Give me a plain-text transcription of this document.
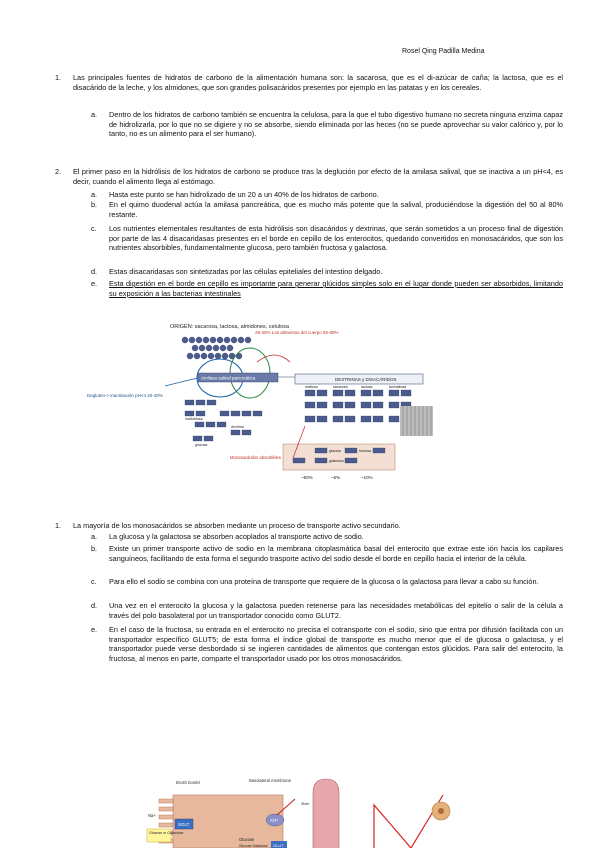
Rosel Qing Padilla Medina
1. Las principales fuentes de hidratos de carbono de la alimentación humana son: la sacarosa, que es el di-azúcar de caña; la lactosa, que es el disacárido de la leche, y los almidones, que son grandes polisacáridos presentes por ejemplo en las patatas y en los cereales.
a. Dentro de los hidratos de carbono también se encuentra la celulosa, para la que el tubo digestivo humano no secreta ninguna enzima capaz de hidrolizarla, por lo que no se digiere y no se absorbe, siendo eliminada por las heces (no se puede aprovechar su valor calórico y, por lo tanto, no es un alimento para el ser humano).
2. El primer paso en la hidrólisis de los hidratos de carbono se produce tras la deglución por efecto de la amilasa salival, que se inactiva a un pH<4, es decir, cuando el alimento llega al estómago.
a. Hasta este punto se han hidrolizado de un 20 a un 40% de los hidratos de carbono.
b. En el quimo duodenal actúa la amilasa pancreática, que es mucho más potente que la salival, produciéndose la digestión del 50 al 80% restante.
c. Los nutrientes elementales resultantes de esta hidrólisis son disacáridos y dextrinas, que serán sometidos a un proceso final de digestión por parte de las 4 disacaridasas presentes en el borde en cepillo de los enterocitos, quedando convertidos en monosacáridos, que son los nutrientes absorbibles, fundamentalmente glucosa, pero también fructosa y galactosa.
d. Estas disacaridasas son sintetizadas por las células epiteliales del intestino delgado.
e. Esta digestión en el borde en cepillo es importante para generar glúcidos simples solo en el lugar donde pueden ser absorbidos, limitando su exposición a las bacterias intestinales
ORIGEN: sacarosa, lactosa, almidones, celulosa
25-30% Los alimentos del cuerpo 50-60%
Amilasa salival pancreática
Degluten-> inactivación pH<4 20-40%
DEXTRINAS y DISACÁRIDOS
maltosa	sacarosa	lactosa	isomaltosa
maltotriosa
dextrina
glucosa
Monosacáridos absorbibles
glucosa	fructosa
galactosa
~50%	~5%	~10%
1. La mayoría de los monosacáridos se absorben mediante un proceso de transporte activo secundario.
a. La glucosa y la galactosa se absorben acoplados al transporte activo de sodio.
b. Existe un primer transporte activo de sodio en la membrana citoplasmática basal del enterocito que extrae este ión hacia los capilares sanguíneos, facilitando de esta forma el segundo trasporte activo del sodio desde el borde en cepillo hacia el interior de la célula.
c. Para ello el sodio se combina con una proteína de transporte que requiere de la glucosa o la galactosa para llevar a cabo su función.
d. Una vez en el enterocito la glucosa y la galactosa pueden retenerse para las necesidades metabólicas del epitelio o salir de la célula a través del polo basolateral por un transportador conocido como GLUT2.
e. En el caso de la fructosa, su entrada en el enterocito no precisa el cotransporte con el sodio, sino que entra por difusión facilitada con un transportador específico GLUT5; de esta forma el índice global de transporte es mucho menor que el de glucosa o galactosa, y el transportador puede verse desbordado si se ingieren cantidades de alimentos que contengan estos glúcidos. Para salir del enterocito, la fructosa, al menos en parte, comparte el transportador usado por los otros monosacáridos.
Brush border	Basolateral membrane
SGLT
Na+
Glucose or Galactose
ATP
3Na+
Glucose
Glucose Galactose GLUT
